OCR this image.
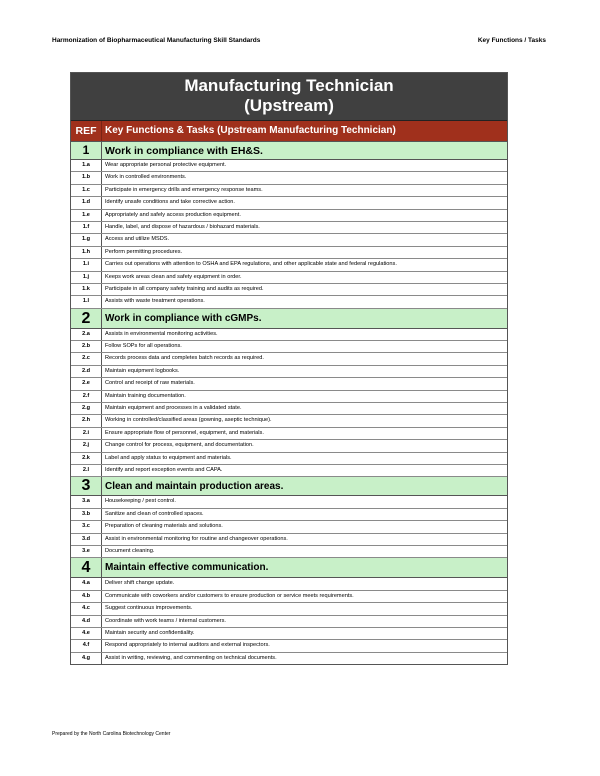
Harmonization of Biopharmaceutical Manufacturing Skill Standards	Key Functions / Tasks
Manufacturing Technician
(Upstream)
REF Key Functions & Tasks (Upstream Manufacturing Technician)
1	Work in compliance with EH&S.
1.a	Wear appropriate personal protective equipment.
1.b	Work in controlled environments.
1.c	Participate in emergency drills and emergency response teams.
1.d	Identify unsafe conditions and take corrective action.
1.e	Appropriately and safely access production equipment.
1.f	Handle, label, and dispose of hazardous / biohazard materials.
1.g	Access and utilize MSDS.
1.h	Perform permitting procedures.
1.i	Carries out operations with attention to OSHA and EPA regulations, and other applicable state and federal regulations.
1.j	Keeps work areas clean and safety equipment in order.
1.k	Participate in all company safety training and audits as required.
1.l	Assists with waste treatment operations.
2	Work in compliance with cGMPs.
2.a	Assists in environmental monitoring activities.
2.b	Follow SOPs for all operations.
2.c	Records process data and completes batch records as required.
2.d	Maintain equipment logbooks.
2.e	Control and receipt of raw materials.
2.f	Maintain training documentation.
2.g	Maintain equipment and processes in a validated state.
2.h	Working in controlled/classified areas (gowning, aseptic technique).
2.i	Ensure appropriate flow of personnel, equipment, and materials.
2.j	Change control for process, equipment, and documentation.
2.k	Label and apply status to equipment and materials.
2.l	Identify and report exception events and CAPA.
3	Clean and maintain production areas.
3.a	Housekeeping / pest control.
3.b	Sanitize and clean of controlled spaces.
3.c	Preparation of cleaning materials and solutions.
3.d	Assist in environmental monitoring for routine and changeover operations.
3.e	Document cleaning.
4	Maintain effective communication.
4.a	Deliver shift change update.
4.b	Communicate with coworkers and/or customers to ensure production or service meets requirements.
4.c	Suggest continuous improvements.
4.d	Coordinate with work teams / internal customers.
4.e	Maintain security and confidentiality.
4.f	Respond appropriately to internal auditors and external inspectors.
4.g	Assist in writing, reviewing, and commenting on technical documents.
Prepared by the North Carolina Biotechnology Center
